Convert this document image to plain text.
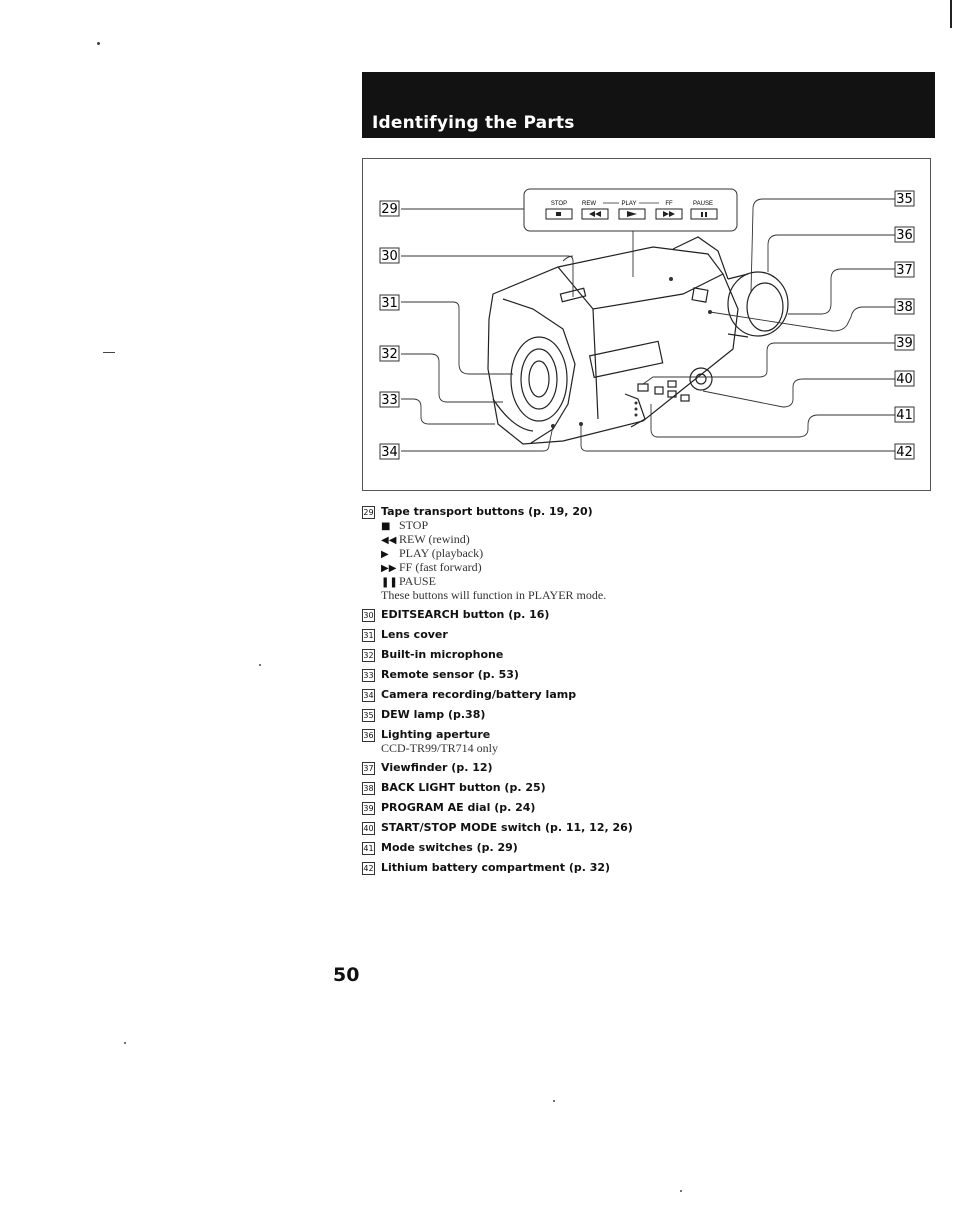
Identifying the Parts
STOP REW	PLAY	FF	PAUSE
29
30
31
32
33
34
35
36
37
38
39
40
41
42
29 Tape transport buttons (p. 19, 20)
■ STOP
◀◀ REW (rewind)
▶ PLAY (playback)
▶▶ FF (fast forward)
❚❚PAUSE
These buttons will function in PLAYER mode.
30 EDITSEARCH button (p. 16)
31 Lens cover
32 Built-in microphone
33 Remote sensor (p. 53)
34 Camera recording/battery lamp
35 DEW lamp (p.38)
36 Lighting aperture
CCD-TR99/TR714 only
37 Viewfinder (p. 12)
38 BACK LIGHT button (p. 25)
39 PROGRAM AE dial (p. 24)
40 START/STOP MODE switch (p. 11, 12, 26)
41 Mode switches (p. 29)
42 Lithium battery compartment (p. 32)
50
